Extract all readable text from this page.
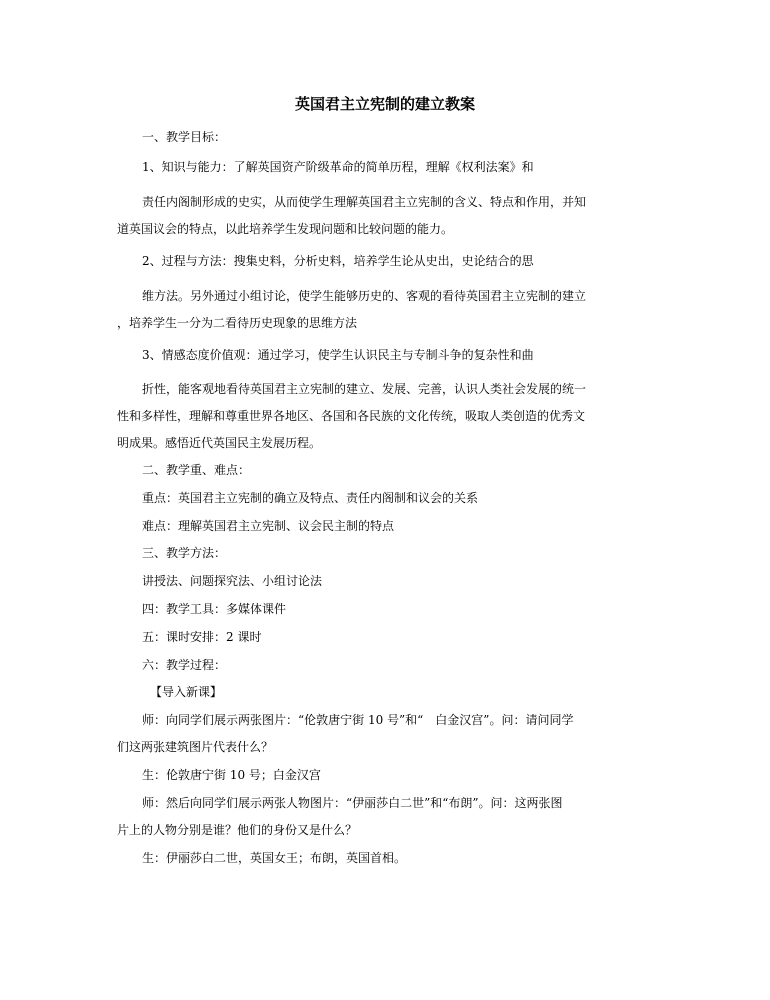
英国君主立宪制的建立教案
一、教学目标：
1、知识与能力：了解英国资产阶级革命的简单历程，理解《权利法案》和
责任内阁制形成的史实，从而使学生理解英国君主立宪制的含义、特点和作用，并知
道英国议会的特点，以此培养学生发现问题和比较问题的能力。
2、过程与方法：搜集史料，分析史料，培养学生论从史出，史论结合的思
维方法。另外通过小组讨论，使学生能够历史的、客观的看待英国君主立宪制的建立
，培养学生一分为二看待历史现象的思维方法
3、情感态度价值观：通过学习，使学生认识民主与专制斗争的复杂性和曲
折性，能客观地看待英国君主立宪制的建立、发展、完善，认识人类社会发展的统一
性和多样性，理解和尊重世界各地区、各国和各民族的文化传统，吸取人类创造的优秀文
明成果。感悟近代英国民主发展历程。
二、教学重、难点：
重点：英国君主立宪制的确立及特点、责任内阁制和议会的关系
难点：理解英国君主立宪制、议会民主制的特点
三、教学方法：
讲授法、问题探究法、小组讨论法
四：教学工具：多媒体课件
五：课时安排：2 课时
六：教学过程：
【导入新课】
师：向同学们展示两张图片：“伦敦唐宁街 10 号”和“　白金汉宫”。问：请问同学
们这两张建筑图片代表什么？
生：伦敦唐宁街 10 号；白金汉宫
师：然后向同学们展示两张人物图片：“伊丽莎白二世”和“布朗”。问：这两张图
片上的人物分别是谁？他们的身份又是什么？
生：伊丽莎白二世，英国女王；布朗，英国首相。
